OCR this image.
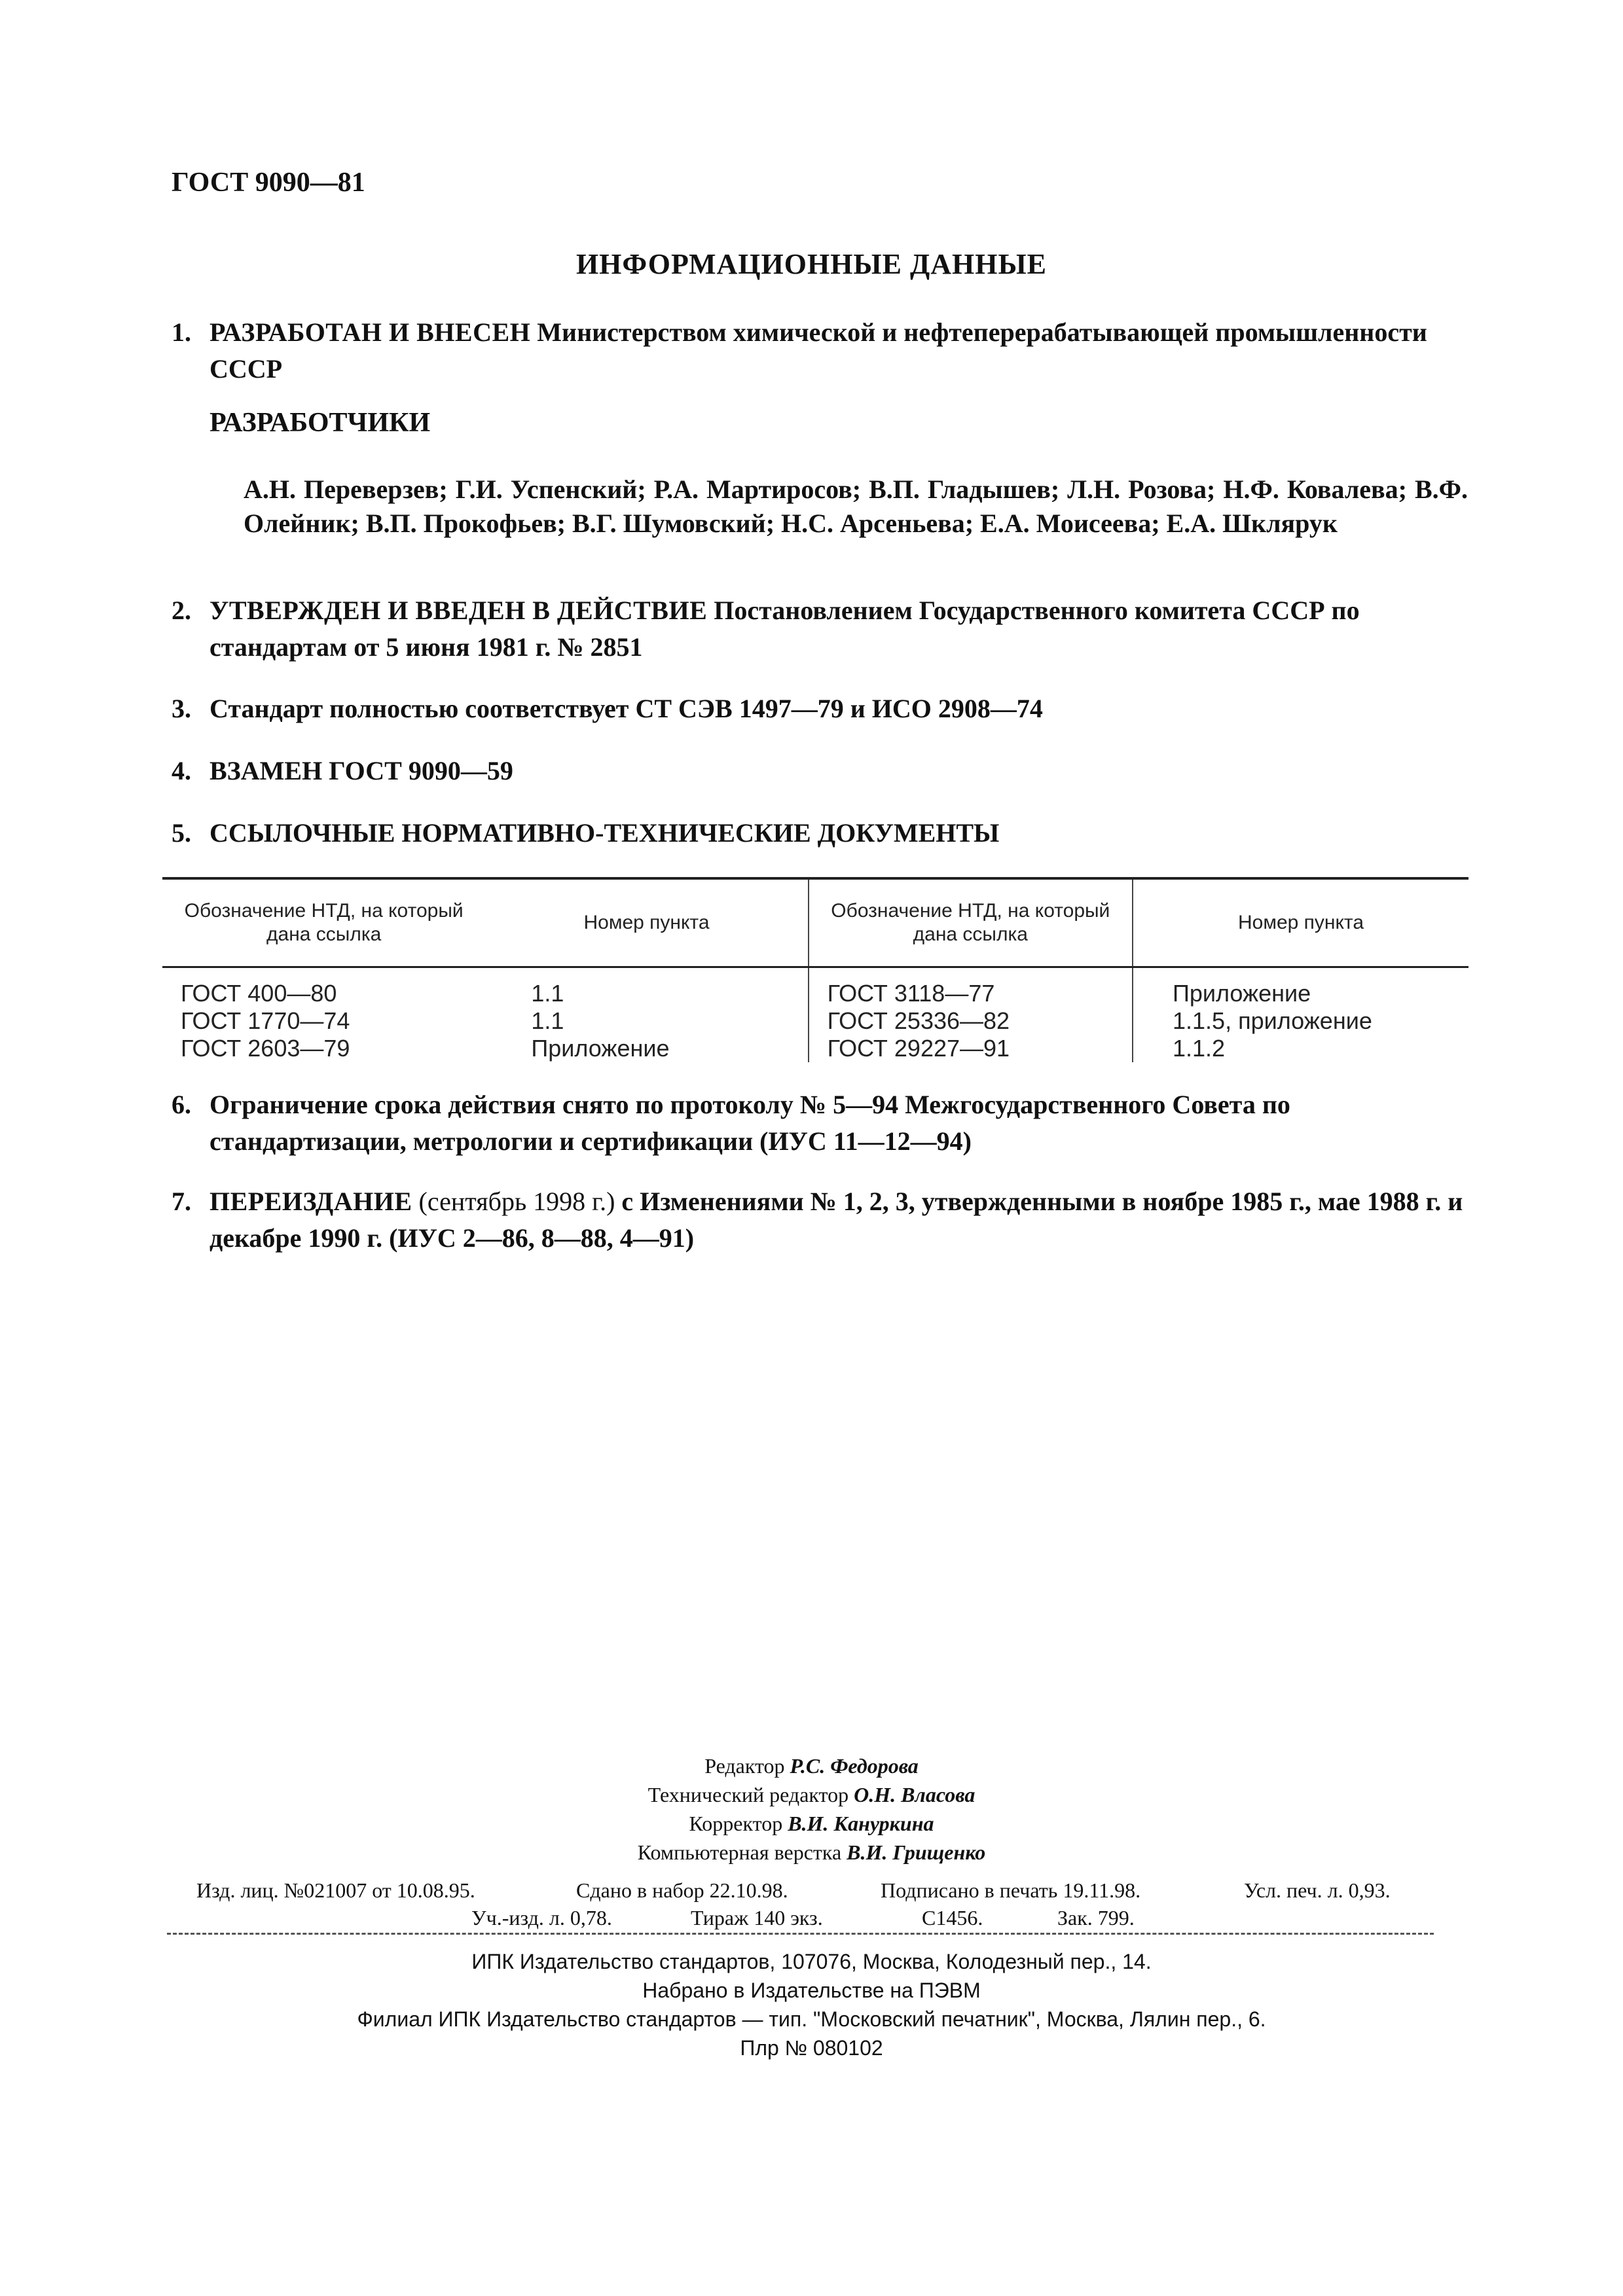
ГОСТ 9090—81
ИНФОРМАЦИОННЫЕ ДАННЫЕ
1. РАЗРАБОТАН И ВНЕСЕН Министерством химической и нефтеперерабатывающей промышленности СССР
РАЗРАБОТЧИКИ
А.Н. Переверзев; Г.И. Успенский; Р.А. Мартиросов; В.П. Гладышев; Л.Н. Розова; Н.Ф. Ковалева; В.Ф. Олейник; В.П. Прокофьев; В.Г. Шумовский; Н.С. Арсеньева; Е.А. Моисеева; Е.А. Шклярук
2. УТВЕРЖДЕН И ВВЕДЕН В ДЕЙСТВИЕ Постановлением Государственного комитета СССР по стандартам от 5 июня 1981 г. № 2851
3. Стандарт полностью соответствует СТ СЭВ 1497—79 и ИСО 2908—74
4. ВЗАМЕН ГОСТ 9090—59
5. ССЫЛОЧНЫЕ НОРМАТИВНО-ТЕХНИЧЕСКИЕ ДОКУМЕНТЫ
Обозначение НТД, на который дана ссылка	Номер пункта	Обозначение НТД, на который дана ссылка	Номер пункта
ГОСТ 400—80	1.1	ГОСТ 3118—77	Приложение
ГОСТ 1770—74	1.1	ГОСТ 25336—82	1.1.5, приложение
ГОСТ 2603—79	Приложение	ГОСТ 29227—91	1.1.2
6. Ограничение срока действия снято по протоколу № 5—94 Межгосударственного Совета по стандартизации, метрологии и сертификации (ИУС 11—12—94)
7. ПЕРЕИЗДАНИЕ (сентябрь 1998 г.) с Изменениями № 1, 2, 3, утвержденными в ноябре 1985 г., мае 1988 г. и декабре 1990 г. (ИУС 2—86, 8—88, 4—91)
Редактор Р.С. Федорова
Технический редактор О.Н. Власова
Корректор В.И. Кануркина
Компьютерная верстка В.И. Грищенко
Изд. лиц. №021007 от 10.08.95.	Сдано в набор 22.10.98.	Подписано в печать 19.11.98.	Усл. печ. л. 0,93.
Уч.-изд. л. 0,78.	Тираж 140 экз.	С1456.	Зак. 799.
ИПК Издательство стандартов, 107076, Москва, Колодезный пер., 14.
Набрано в Издательстве на ПЭВМ
Филиал ИПК Издательство стандартов — тип. "Московский печатник", Москва, Лялин пер., 6.
Плр № 080102
